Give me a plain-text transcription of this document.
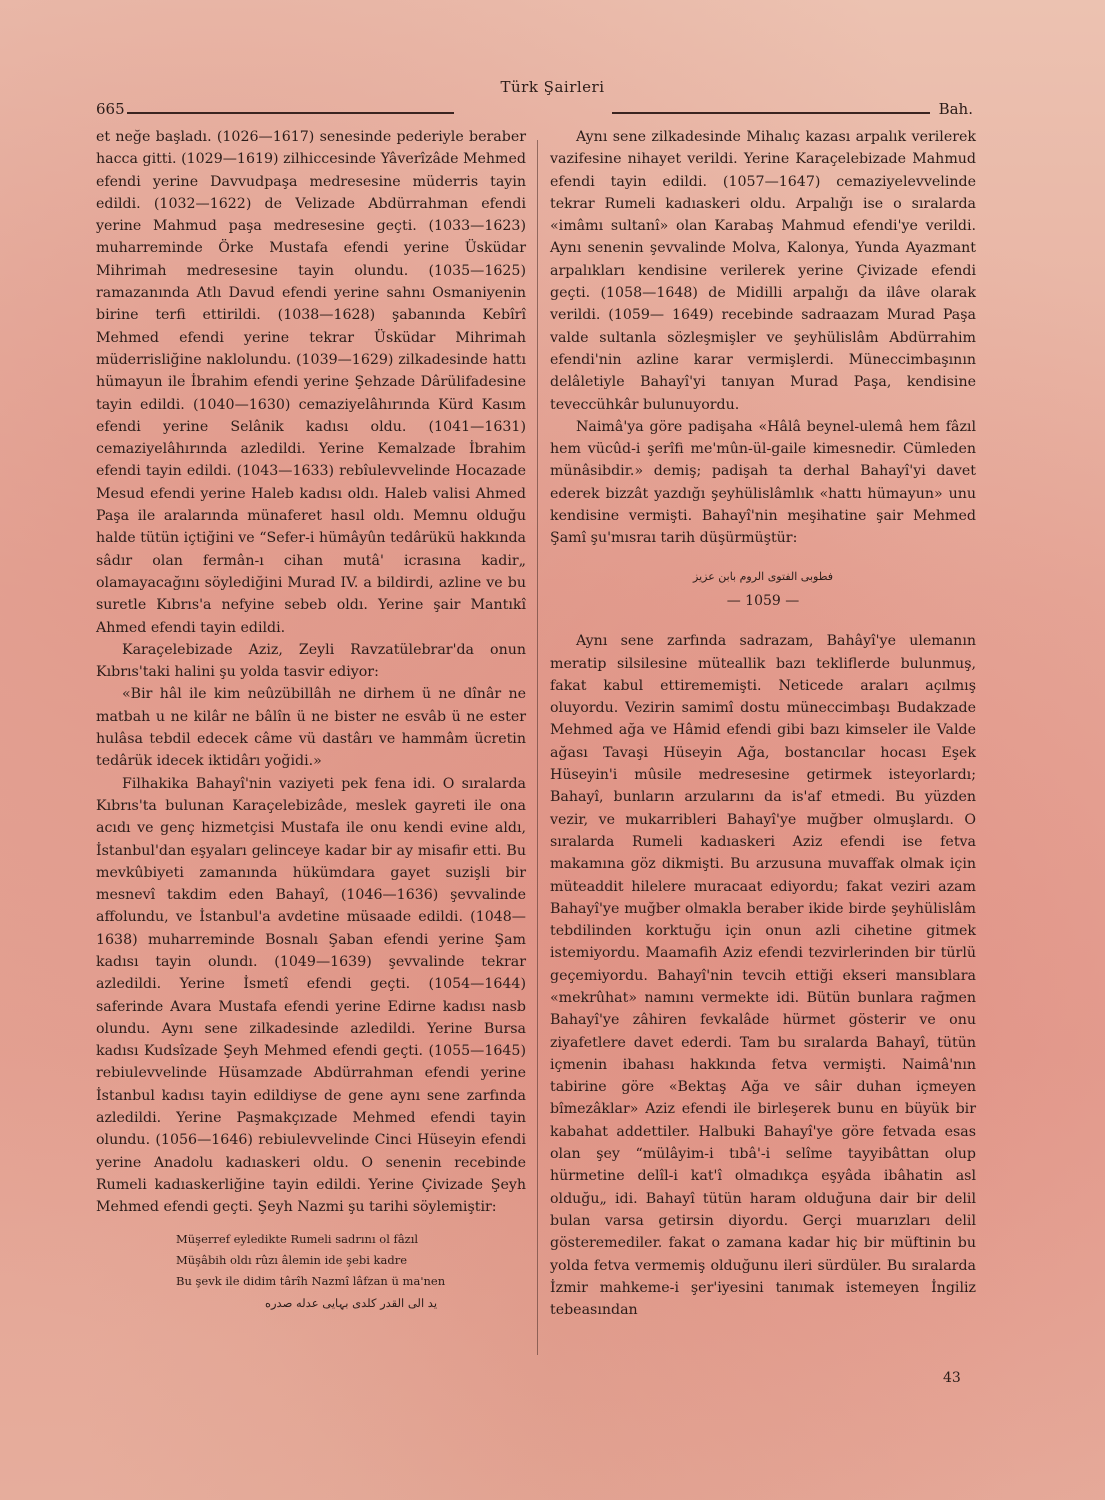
Türk Şairleri
665	Bah.

et neğe başladı. (1026—1617) senesinde pederiyle beraber hacca gitti. (1029—1619) zilhiccesinde Yâverîzâde Mehmed efendi yerine Davvudpaşa medresesine müderris tayin edildi. (1032—1622) de Velizade Abdürrahman efendi yerine Mahmud paşa medresesine geçti. (1033—1623) muharreminde Örke Mustafa efendi yerine Üsküdar Mihrimah medresesine tayin olundu. (1035—1625) ramazanında Atlı Davud efendi yerine sahnı Osmaniyenin birine terfi ettirildi. (1038—1628) şabanında Kebîrî Mehmed efendi yerine tekrar Üsküdar Mihrimah müderrisliğine naklolundu. (1039—1629) zilkadesinde hattı hümayun ile İbrahim efendi yerine Şehzade Dârülifadesine tayin edildi. (1040—1630) cemaziyelâhırında Kürd Kasım efendi yerine Selânik kadısı oldu. (1041—1631) cemaziyelâhırında azledildi. Yerine Kemalzade İbrahim efendi tayin edildi. (1043—1633) rebîulevvelinde Hocazade Mesud efendi yerine Haleb kadısı oldı. Haleb valisi Ahmed Paşa ile aralarında münaferet hasıl oldı. Memnu olduğu halde tütün içtiğini ve “Sefer-i hümâyûn tedârükü hakkında sâdır olan fermân-ı cihan mutâ' icrasına kadir„ olamayacağını söylediğini Murad IV. a bildirdi, azline ve bu suretle Kıbrıs'a nefyine sebeb oldı. Yerine şair Mantıkî Ahmed efendi tayin edildi.

Karaçelebizade Aziz, Zeyli Ravzatülebrar'da onun Kıbrıs'taki halini şu yolda tasvir ediyor:

«Bir hâl ile kim neûzübillâh ne dirhem ü ne dînâr ne matbah u ne kilâr ne bâlîn ü ne bister ne esvâb ü ne ester hulâsa tebdil edecek câme vü dastârı ve hammâm ücretin tedârük idecek iktidârı yoğidi.»

Filhakika Bahayî'nin vaziyeti pek fena idi. O sıralarda Kıbrıs'ta bulunan Karaçelebizâde, meslek gayreti ile ona acıdı ve genç hizmetçisi Mustafa ile onu kendi evine aldı, İstanbul'dan eşyaları gelinceye kadar bir ay misafir etti. Bu mevkûbiyeti zamanında hükümdara gayet suzişli bir mesnevî takdim eden Bahayî, (1046—1636) şevvalinde affolundu, ve İstanbul'a avdetine müsaade edildi. (1048—1638) muharreminde Bosnalı Şaban efendi yerine Şam kadısı tayin olundı. (1049—1639) şevvalinde tekrar azledildi. Yerine İsmetî efendi geçti. (1054—1644) saferinde Avara Mustafa efendi yerine Edirne kadısı nasb olundu. Aynı sene zilkadesinde azledildi. Yerine Bursa kadısı Kudsîzade Şeyh Mehmed efendi geçti. (1055—1645) rebiulevvelinde Hüsamzade Abdürrahman efendi yerine İstanbul kadısı tayin edildiyse de gene aynı sene zarfında azledildi. Yerine Paşmakçızade Mehmed efendi tayin olundu. (1056—1646) rebiulevvelinde Cinci Hüseyin efendi yerine Anadolu kadıaskeri oldu. O senenin recebinde Rumeli kadıaskerliğine tayin edildi. Yerine Çivizade Şeyh Mehmed efendi geçti. Şeyh Nazmi şu tarihi söylemiştir:

Müşerref eyledikte Rumeli sadrını ol fâzıl
Müşâbih oldı rûzı âlemin ide şebi kadre
Bu şevk ile didim târîh Nazmî lâfzan ü ma'nen
يد الى القدر كلدى بہايى عدله صدره

Aynı sene zilkadesinde Mihalıç kazası arpalık verilerek vazifesine nihayet verildi. Yerine Karaçelebizade Mahmud efendi tayin edildi. (1057—1647) cemaziyelevvelinde tekrar Rumeli kadıaskeri oldu. Arpalığı ise o sıralarda «imâmı sultanî» olan Karabaş Mahmud efendi'ye verildi. Aynı senenin şevvalinde Molva, Kalonya, Yunda Ayazmant arpalıkları kendisine verilerek yerine Çivizade efendi geçti. (1058—1648) de Midilli arpalığı da ilâve olarak verildi. (1059— 1649) recebinde sadraazam Murad Paşa valde sultanla sözleşmişler ve şeyhülislâm Abdürrahim efendi'nin azline karar vermişlerdi. Müneccimbaşının delâletiyle Bahayî'yi tanıyan Murad Paşa, kendisine teveccühkâr bulunuyordu.

Naimâ'ya göre padişaha «Hâlâ beynel-ulemâ hem fâzıl hem vücûd-i şerîfi me'mûn-ül-gaile kimesnedir. Cümleden münâsibdir.» demiş; padişah ta derhal Bahayî'yi davet ederek bizzât yazdığı şeyhülislâmlık «hattı hümayun» unu kendisine vermişti. Bahayî'nin meşihatine şair Mehmed Şamî şu'mısraı tarih düşürmüştür:

فطوبى الفتوى الروم بابن عزيز
— 1059 —

Aynı sene zarfında sadrazam, Bahâyî'ye ulemanın meratip silsilesine müteallik bazı tekliflerde bulunmuş, fakat kabul ettirememişti. Neticede araları açılmış oluyordu. Vezirin samimî dostu müneccimbaşı Budakzade Mehmed ağa ve Hâmid efendi gibi bazı kimseler ile Valde ağası Tavaşi Hüseyin Ağa, bostancılar hocası Eşek Hüseyin'i mûsile medresesine getirmek isteyorlardı; Bahayî, bunların arzularını da is'af etmedi. Bu yüzden vezir, ve mukarribleri Bahayî'ye muğber olmuşlardı. O sıralarda Rumeli kadıaskeri Aziz efendi ise fetva makamına göz dikmişti. Bu arzusuna muvaffak olmak için müteaddit hilelere muracaat ediyordu; fakat veziri azam Bahayî'ye muğber olmakla beraber ikide birde şeyhülislâm tebdilinden korktuğu için onun azli cihetine gitmek istemiyordu. Maamafih Aziz efendi tezvirlerinden bir türlü geçemiyordu. Bahayî'nin tevcih ettiği ekseri mansıblara «mekrûhat» namını vermekte idi. Bütün bunlara rağmen Bahayî'ye zâhiren fevkalâde hürmet gösterir ve onu ziyafetlere davet ederdi. Tam bu sıralarda Bahayî, tütün içmenin ibahası hakkında fetva vermişti. Naimâ'nın tabirine göre «Bektaş Ağa ve sâir duhan içmeyen bîmezâklar» Aziz efendi ile birleşerek bunu en büyük bir kabahat addettiler. Halbuki Bahayî'ye göre fetvada esas olan şey “mülâyim-i tıbâ'-i selîme tayyibâttan olup hürmetine delîl-i kat'î olmadıkça eşyâda ibâhatin asl olduğu„ idi. Bahayî tütün haram olduğuna dair bir delil bulan varsa getirsin diyordu. Gerçi muarızları delil gösteremediler. fakat o zamana kadar hiç bir müftinin bu yolda fetva vermemiş olduğunu ileri sürdüler. Bu sıralarda İzmir mahkeme-i şer'iyesini tanımak istemeyen İngiliz tebeasından

43
